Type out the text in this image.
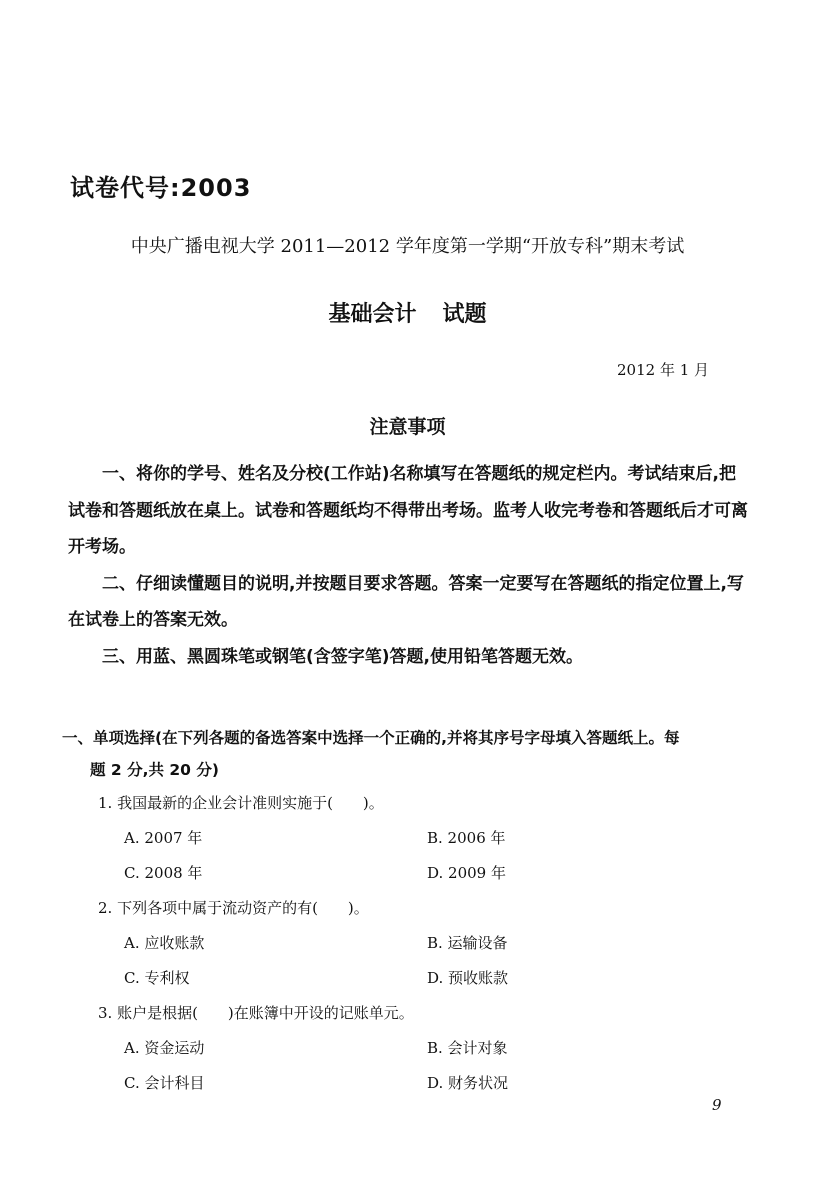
试卷代号:2003
中央广播电视大学 2011—2012 学年度第一学期“开放专科”期末考试
基础会计 试题
2012 年 1 月
注意事项

一、将你的学号、姓名及分校(工作站)名称填写在答题纸的规定栏内。考试结束后,把试卷和答题纸放在桌上。试卷和答题纸均不得带出考场。监考人收完考卷和答题纸后才可离开考场。

二、仔细读懂题目的说明,并按题目要求答题。答案一定要写在答题纸的指定位置上,写在试卷上的答案无效。

三、用蓝、黑圆珠笔或钢笔(含签字笔)答题,使用铅笔答题无效。

一、单项选择(在下列各题的备选答案中选择一个正确的,并将其序号字母填入答题纸上。每
题 2 分,共 20 分)
1. 我国最新的企业会计准则实施于(　　)。
A. 2007 年	B. 2006 年
C. 2008 年	D. 2009 年
2. 下列各项中属于流动资产的有(　　)。
A. 应收账款	B. 运输设备
C. 专利权	D. 预收账款
3. 账户是根据(　　)在账簿中开设的记账单元。
A. 资金运动	B. 会计对象
C. 会计科目	D. 财务状况
9
